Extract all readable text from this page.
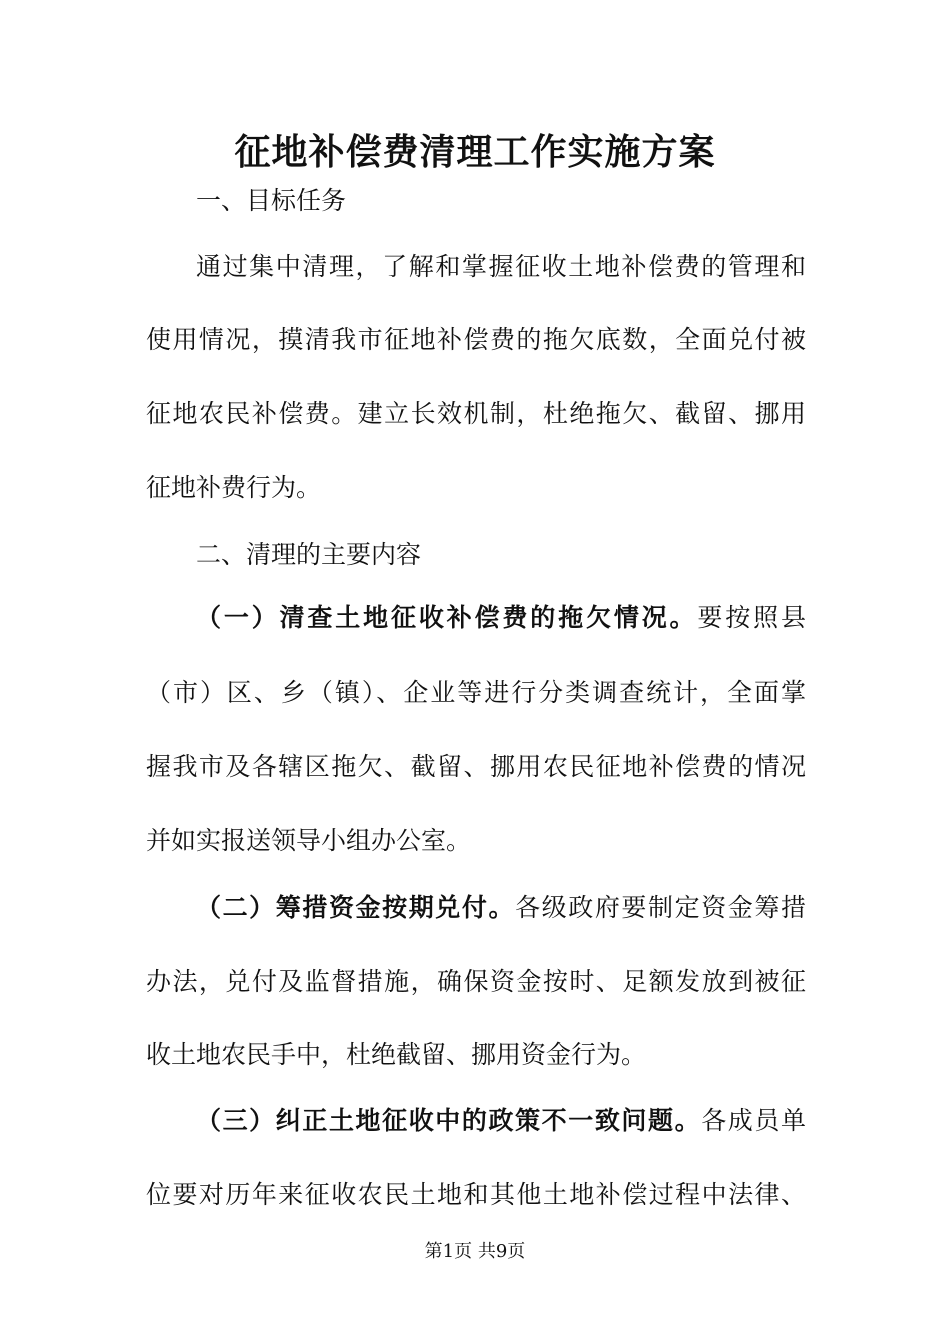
征地补偿费清理工作实施方案
一、目标任务
通过集中清理，了解和掌握征收土地补偿费的管理和
使用情况，摸清我市征地补偿费的拖欠底数，全面兑付被
征地农民补偿费。建立长效机制，杜绝拖欠、截留、挪用
征地补费行为。
二、清理的主要内容
（一）清查土地征收补偿费的拖欠情况。要按照县
（市）区、乡（镇）、企业等进行分类调查统计，全面掌
握我市及各辖区拖欠、截留、挪用农民征地补偿费的情况
并如实报送领导小组办公室。
（二）筹措资金按期兑付。各级政府要制定资金筹措
办法，兑付及监督措施，确保资金按时、足额发放到被征
收土地农民手中，杜绝截留、挪用资金行为。
（三）纠正土地征收中的政策不一致问题。各成员单
位要对历年来征收农民土地和其他土地补偿过程中法律、
第1页 共9页
